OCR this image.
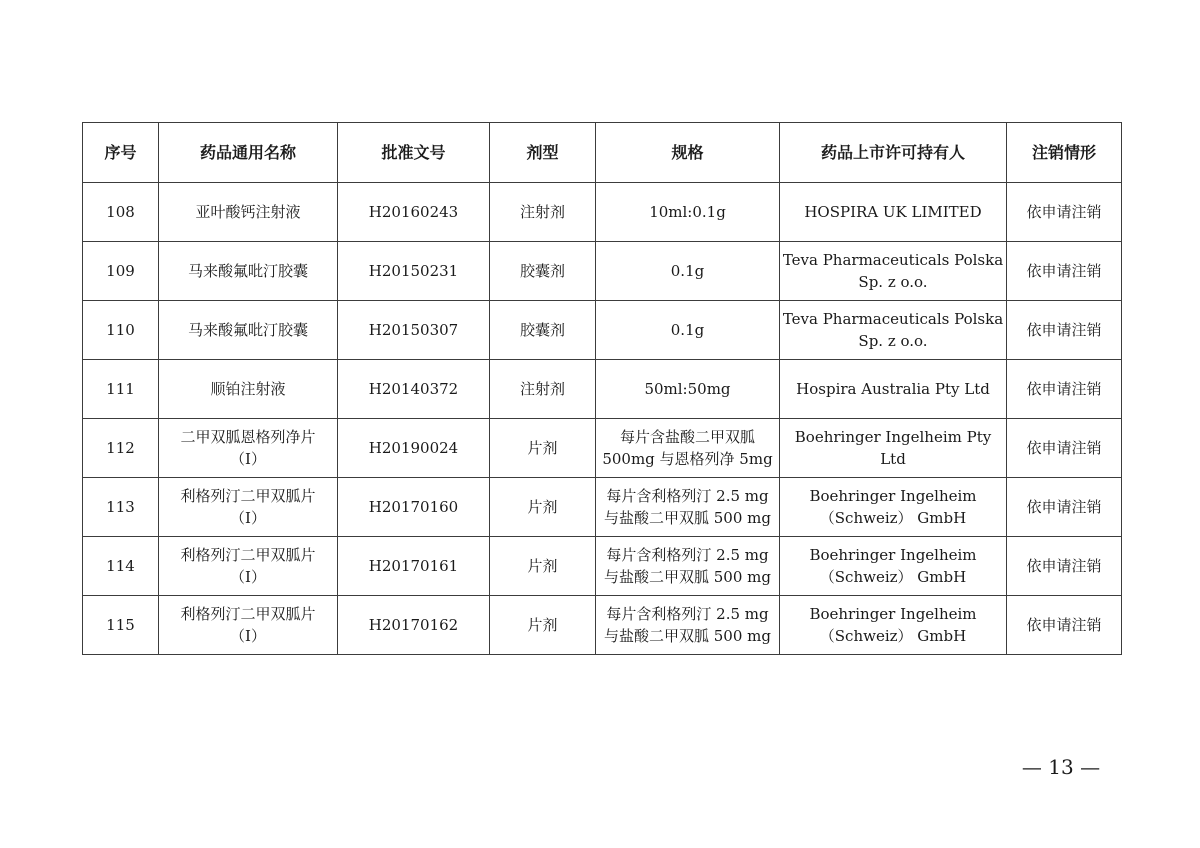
序号	药品通用名称	批准文号	剂型	规格	药品上市许可持有人	注销情形
108	亚叶酸钙注射液	H20160243	注射剂	10ml:0.1g	HOSPIRA UK LIMITED	依申请注销
109	马来酸氟吡汀胶囊	H20150231	胶囊剂	0.1g	Teva Pharmaceuticals Polska
Sp. z o.o.	依申请注销
110	马来酸氟吡汀胶囊	H20150307	胶囊剂	0.1g	Teva Pharmaceuticals Polska
Sp. z o.o.	依申请注销
111	顺铂注射液	H20140372	注射剂	50ml:50mg	Hospira Australia Pty Ltd	依申请注销
112	二甲双胍恩格列净片
（I）	H20190024	片剂	每片含盐酸二甲双胍
500mg 与恩格列净 5mg	Boehringer Ingelheim Pty Ltd	依申请注销
113	利格列汀二甲双胍片
（I）	H20170160	片剂	每片含利格列汀 2.5 mg
与盐酸二甲双胍 500 mg	Boehringer Ingelheim
（Schweiz） GmbH	依申请注销
114	利格列汀二甲双胍片
（I）	H20170161	片剂	每片含利格列汀 2.5 mg
与盐酸二甲双胍 500 mg	Boehringer Ingelheim
（Schweiz） GmbH	依申请注销
115	利格列汀二甲双胍片
（I）	H20170162	片剂	每片含利格列汀 2.5 mg
与盐酸二甲双胍 500 mg	Boehringer Ingelheim
（Schweiz） GmbH	依申请注销
— 13 —
